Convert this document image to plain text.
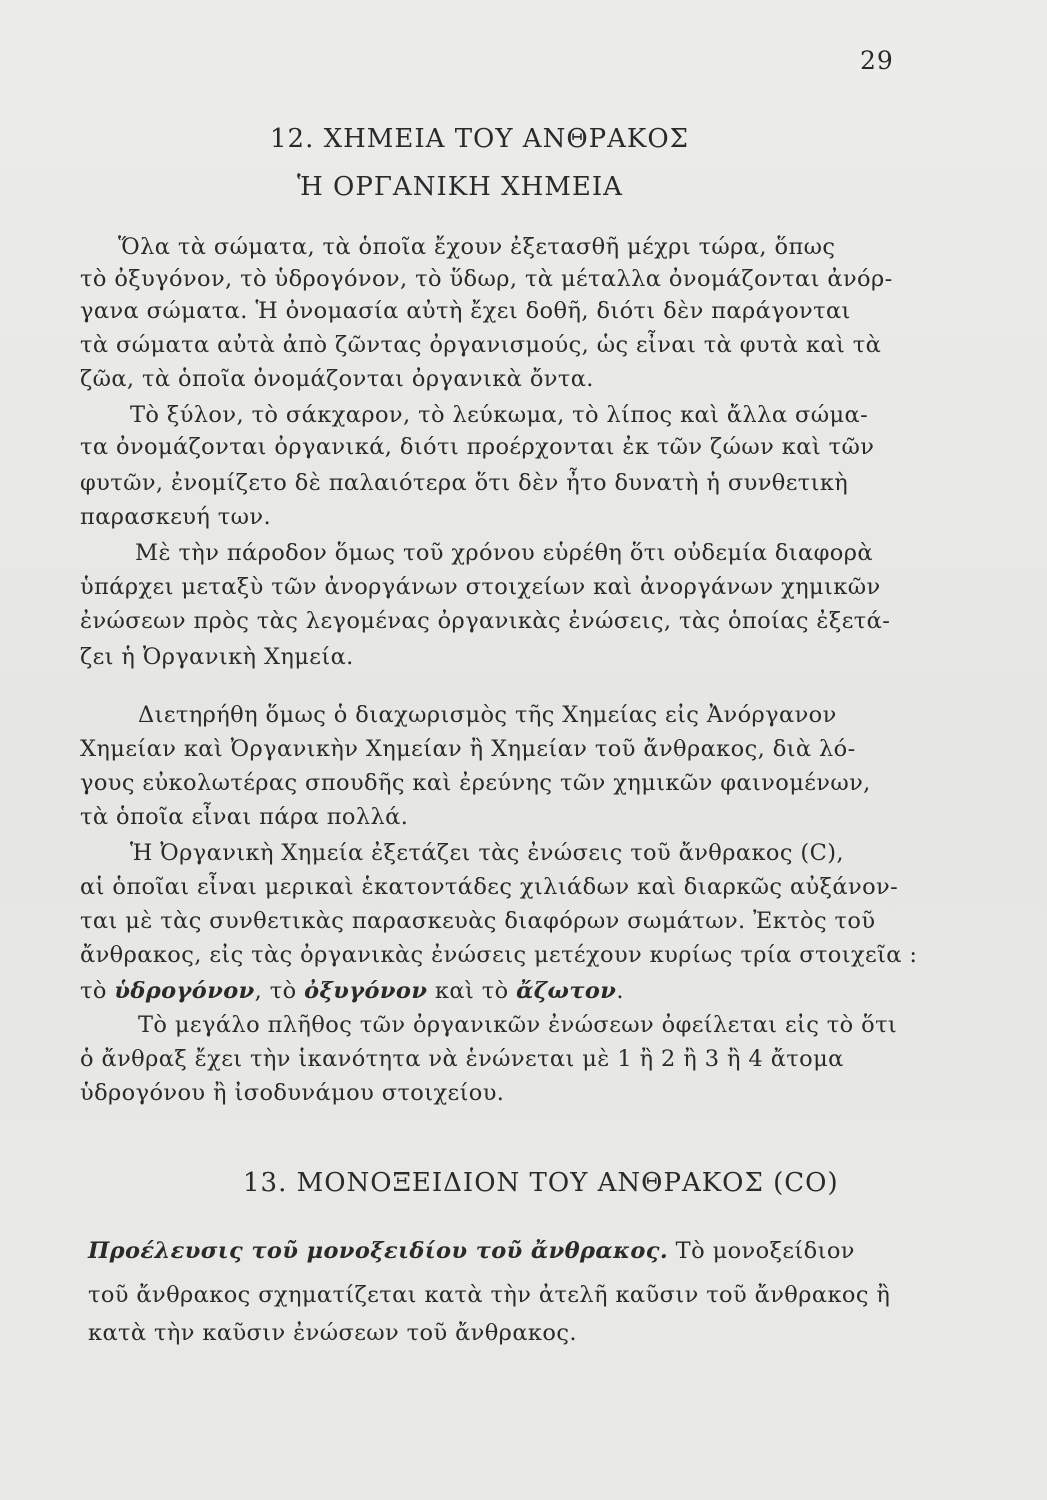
29
12. ΧΗΜΕΙΑ ΤΟΥ ΑΝΘΡΑΚΟΣ
Ἡ ΟΡΓΑΝΙΚΗ ΧΗΜΕΙΑ
Ὅλα τὰ σώματα, τὰ ὁποῖα ἔχουν ἐξετασθῆ μέχρι τώρα, ὅπως
τὸ ὀξυγόνον, τὸ ὑδρογόνον, τὸ ὕδωρ, τὰ μέταλλα ὀνομάζονται ἀνόρ-
γανα σώματα. Ἡ ὀνομασία αὐτὴ ἔχει δοθῆ, διότι δὲν παράγονται
τὰ σώματα αὐτὰ ἀπὸ ζῶντας ὀργανισμούς, ὡς εἶναι τὰ φυτὰ καὶ τὰ
ζῶα, τὰ ὁποῖα ὀνομάζονται ὀργανικὰ ὄντα.
Τὸ ξύλον, τὸ σάκχαρον, τὸ λεύκωμα, τὸ λίπος καὶ ἄλλα σώμα-
τα ὀνομάζονται ὀργανικά, διότι προέρχονται ἐκ τῶν ζώων καὶ τῶν
φυτῶν, ἐνομίζετο δὲ παλαιότερα ὅτι δὲν ἦτο δυνατὴ ἡ συνθετικὴ
παρασκευή των.
Μὲ τὴν πάροδον ὅμως τοῦ χρόνου εὑρέθη ὅτι οὐδεμία διαφορὰ
ὑπάρχει μεταξὺ τῶν ἀνοργάνων στοιχείων καὶ ἀνοργάνων χημικῶν
ἐνώσεων πρὸς τὰς λεγομένας ὀργανικὰς ἐνώσεις, τὰς ὁποίας ἐξετά-
ζει ἡ Ὀργανικὴ Χημεία.
Διετηρήθη ὅμως ὁ διαχωρισμὸς τῆς Χημείας εἰς Ἀνόργανον
Χημείαν καὶ Ὀργανικὴν Χημείαν ἢ Χημείαν τοῦ ἄνθρακος, διὰ λό-
γους εὐκολωτέρας σπουδῆς καὶ ἐρεύνης τῶν χημικῶν φαινομένων,
τὰ ὁποῖα εἶναι πάρα πολλά.
Ἡ Ὀργανικὴ Χημεία ἐξετάζει τὰς ἐνώσεις τοῦ ἄνθρακος (C),
αἱ ὁποῖαι εἶναι μερικαὶ ἑκατοντάδες χιλιάδων καὶ διαρκῶς αὐξάνον-
ται μὲ τὰς συνθετικὰς παρασκευὰς διαφόρων σωμάτων. Ἐκτὸς τοῦ
ἄνθρακος, εἰς τὰς ὀργανικὰς ἐνώσεις μετέχουν κυρίως τρία στοιχεῖα :
τὸ ὑδρογόνον, τὸ ὀξυγόνον καὶ τὸ ἄζωτον.
Τὸ μεγάλο πλῆθος τῶν ὀργανικῶν ἐνώσεων ὀφείλεται εἰς τὸ ὅτι
ὁ ἄνθραξ ἔχει τὴν ἱκανότητα νὰ ἑνώνεται μὲ 1 ἢ 2 ἢ 3 ἢ 4 ἄτομα
ὑδρογόνου ἢ ἰσοδυνάμου στοιχείου.
13. ΜΟΝΟΞΕΙΔΙΟΝ ΤΟΥ ΑΝΘΡΑΚΟΣ (CO)
Προέλευσις τοῦ μονοξειδίου τοῦ ἄνθρακος. Τὸ μονοξείδιον
τοῦ ἄνθρακος σχηματίζεται κατὰ τὴν ἀτελῆ καῦσιν τοῦ ἄνθρακος ἢ
κατὰ τὴν καῦσιν ἐνώσεων τοῦ ἄνθρακος.
